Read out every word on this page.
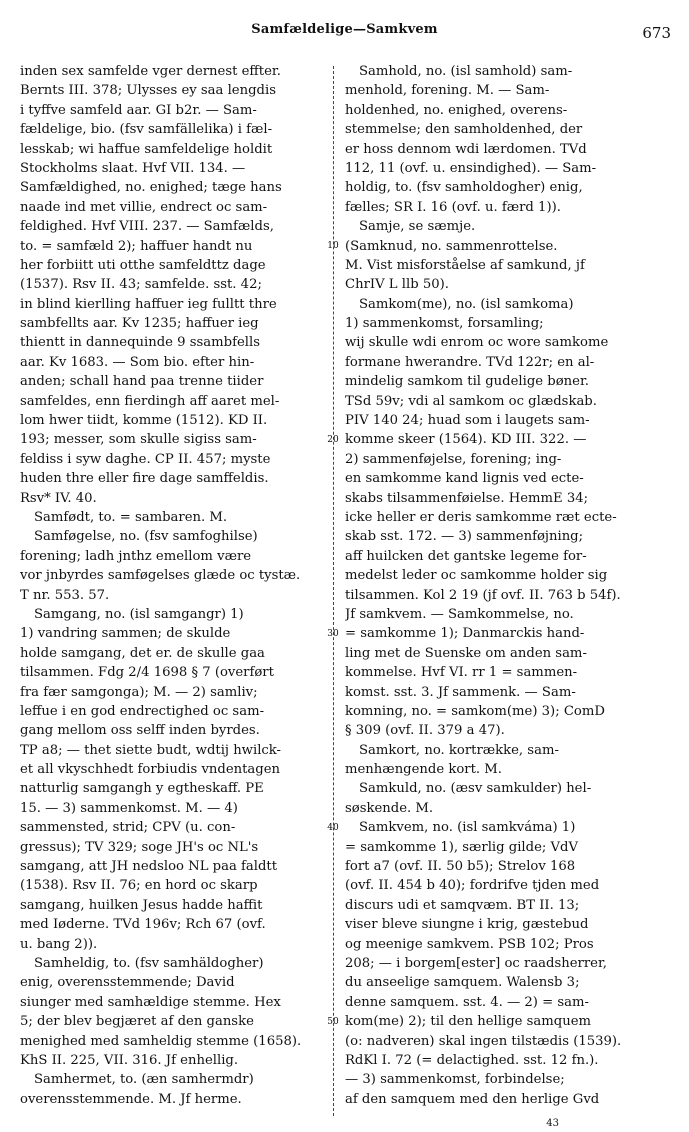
Samfældelige—Samkvem	673
inden sex samfelde vger dernest effter.
Bernts III. 378; Ulysses ey saa lengdis
i tyffve samfeld aar. GI b2r. — Sam-
fældelige, bio. (fsv samfällelika) i fæl-
lesskab; wi haffue samfeldelige holdit
Stockholms slaat. Hvf VII. 134. —
Samfældighed, no. enighed; tæge hans
naade ind met villie, endrect oc sam-
feldighed. Hvf VIII. 237. — Samfælds,
to. = samfæld 2); haffuer handt nu
her forbiitt uti otthe samfeldttz dage
(1537). Rsv II. 43; samfelde. sst. 42;
in blind kierlling haffuer ieg fulltt thre
sambfellts aar. Kv 1235; haffuer ieg
thientt in dannequinde 9 ssambfells
aar. Kv 1683. — Som bio. efter hin-
anden; schall hand paa trenne tiider
samfeldes, enn fierdingh aff aaret mel-
lom hwer tiidt, komme (1512). KD II.
193; messer, som skulle sigiss sam-
feldiss i syw daghe. CP II. 457; myste
huden thre eller fire dage samffeldis.
Rsv* IV. 40.
Samfødt, to. = sambaren. M.
Samføgelse, no. (fsv samfoghilse)
forening; ladh jnthz emellom være
vor jnbyrdes samføgelses glæde oc tystæ.
T nr. 553. 57.
Samgang, no. (isl samgangr) 1)
1) vandring sammen; de skulde
holde samgang, det er. de skulle gaa
tilsammen. Fdg 2/4 1698 § 7 (overført
fra fær samgonga); M. — 2) samliv;
leffue i en god endrectighed oc sam-
gang mellom oss selff inden byrdes.
TP a8; — thet siette budt, wdtij hwilck-
et all vkyschhedt forbiudis vndentagen
natturlig samgangh y egtheskaff. PE
15. — 3) sammenkomst. M. — 4)
sammensted, strid; CPV (u. con-
gressus); TV 329; soge JH's oc NL's
samgang, att JH nedsloo NL paa faldtt
(1538). Rsv II. 76; en hord oc skarp
samgang, huilken Jesus hadde haffit
med Iøderne. TVd 196v; Rch 67 (ovf.
u. bang 2)).
Samheldig, to. (fsv samhäldogher)
enig, overensstemmende; David
siunger med samhældige stemme. Hex
5; der blev begjæret af den ganske
menighed med samheldig stemme (1658).
KhS II. 225, VII. 316. Jf enhellig.
Samhermet, to. (æn samhermdr)
overensstemmende. M. Jf herme.
10
20
30
40
50
Samhold, no. (isl samhold) sam-
menhold, forening. M. — Sam-
holdenhed, no. enighed, overens-
stemmelse; den samholdenhed, der
er hoss dennom wdi lærdomen. TVd
112, 11 (ovf. u. ensindighed). — Sam-
holdig, to. (fsv samholdogher) enig,
fælles; SR I. 16 (ovf. u. færd 1)).
Samje, se sæmje.
(Samknud, no. sammenrottelse.
M. Vist misforståelse af samkund, jf
ChrIV L llb 50).
Samkom(me), no. (isl samkoma)
1) sammenkomst, forsamling;
wij skulle wdi enrom oc wore samkome
formane hwerandre. TVd 122r; en al-
mindelig samkom til gudelige bøner.
TSd 59v; vdi al samkom oc glædskab.
PIV 140 24; huad som i laugets sam-
komme skeer (1564). KD III. 322. —
2) sammenføjelse, forening; ing-
en samkomme kand lignis ved ecte-
skabs tilsammenføielse. HemmE 34;
icke heller er deris samkomme ræt ecte-
skab sst. 172. — 3) sammenføjning;
aff huilcken det gantske legeme for-
medelst leder oc samkomme holder sig
tilsammen. Kol 2 19 (jf ovf. II. 763 b 54f).
Jf samkvem. — Samkommelse, no.
= samkomme 1); Danmarckis hand-
ling met de Suenske om anden sam-
kommelse. Hvf VI. rr 1 = sammen-
komst. sst. 3. Jf sammenk. — Sam-
komning, no. = samkom(me) 3); ComD
§ 309 (ovf. II. 379 a 47).
Samkort, no. kortrække, sam-
menhængende kort. M.
Samkuld, no. (æsv samkulder) hel-
søskende. M.
Samkvem, no. (isl samkváma) 1)
= samkomme 1), særlig gilde; VdV
fort a7 (ovf. II. 50 b5); Strelov 168
(ovf. II. 454 b 40); fordrifve tjden med
discurs udi et samqvæm. BT II. 13;
viser bleve siungne i krig, gæstebud
og meenige samkvem. PSB 102; Pros
208; — i borgem[ester] oc raadsherrer,
du anseelige samquem. Walensb 3;
denne samquem. sst. 4. — 2) = sam-
kom(me) 2); til den hellige samquem
(o: nadveren) skal ingen tilstædis (1539).
RdKl I. 72 (= delactighed. sst. 12 fn.).
— 3) sammenkomst, forbindelse;
af den samquem med den herlige Gvd
43
